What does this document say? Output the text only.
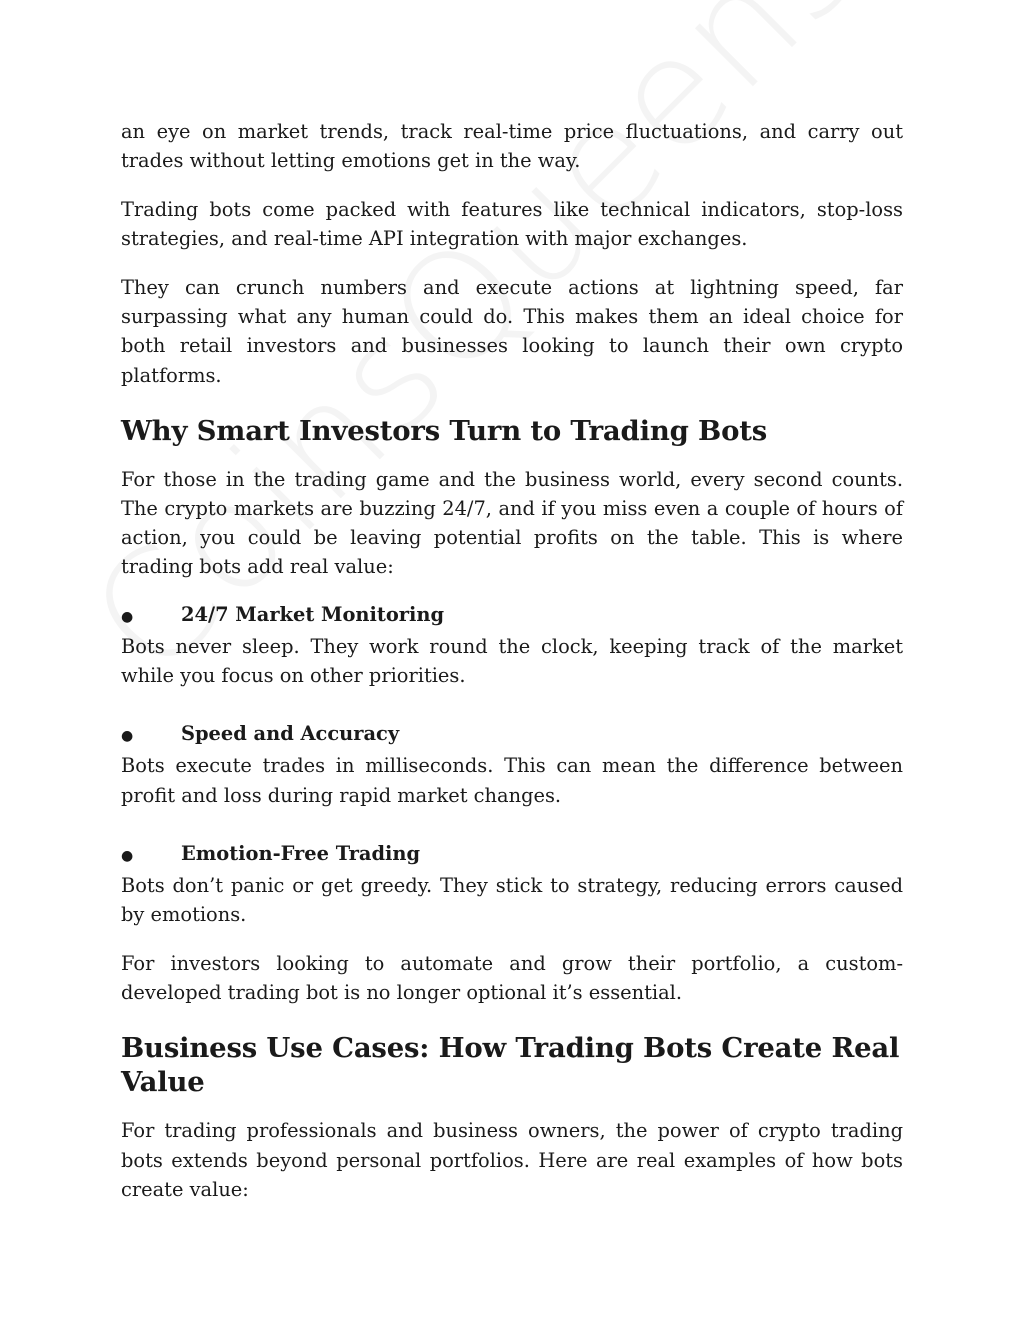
an eye on market trends, track real-time price fluctuations, and carry out trades without letting emotions get in the way.

Trading bots come packed with features like technical indicators, stop-loss strategies, and real-time API integration with major exchanges.

They can crunch numbers and execute actions at lightning speed, far surpassing what any human could do. This makes them an ideal choice for both retail investors and businesses looking to launch their own crypto platforms.

Why Smart Investors Turn to Trading Bots

For those in the trading game and the business world, every second counts. The crypto markets are buzzing 24/7, and if you miss even a couple of hours of action, you could be leaving potential profits on the table. This is where trading bots add real value:

●	24/7 Market Monitoring

Bots never sleep. They work round the clock, keeping track of the market while you focus on other priorities.

●	Speed and Accuracy

Bots execute trades in milliseconds. This can mean the difference between profit and loss during rapid market changes.

●	Emotion-Free Trading

Bots don’t panic or get greedy. They stick to strategy, reducing errors caused by emotions.

For investors looking to automate and grow their portfolio, a custom-developed trading bot is no longer optional it’s essential.

Business Use Cases: How Trading Bots Create Real Value

For trading professionals and business owners, the power of crypto trading bots extends beyond personal portfolios. Here are real examples of how bots create value:
